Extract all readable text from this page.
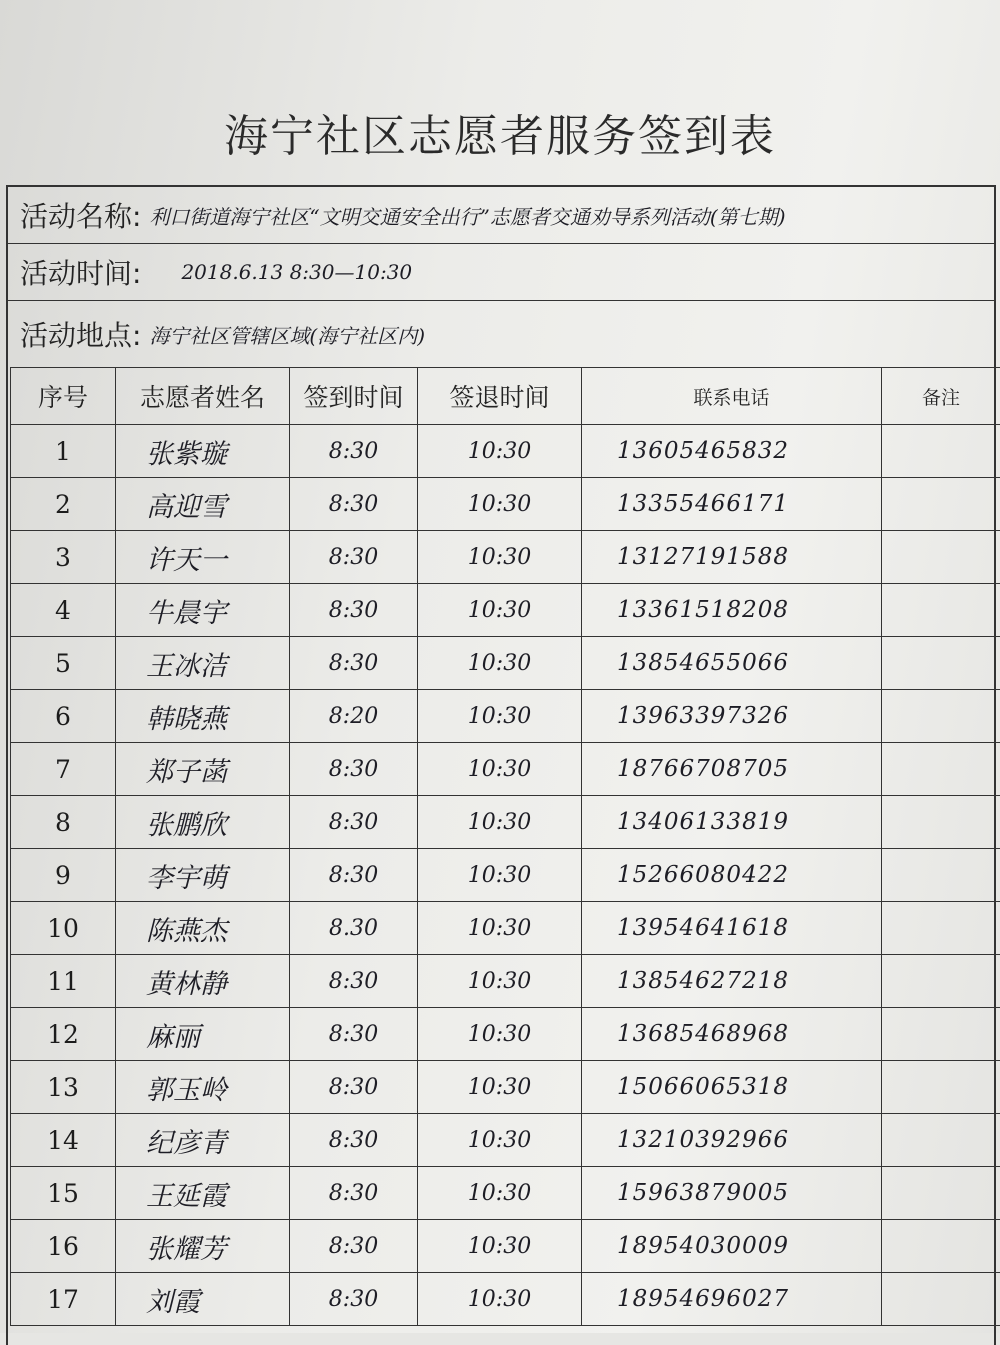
海宁社区志愿者服务签到表
活动名称: 利口街道海宁社区“文明交通安全出行”志愿者交通劝导系列活动(第七期)
活动时间: 2018.6.13 8:30—10:30
活动地点: 海宁社区管辖区域(海宁社区内)
序号	志愿者姓名	签到时间	签退时间	联系电话	备注
1	张紫璇	8:30	10:30	13605465832	
2	高迎雪	8:30	10:30	13355466171	
3	许天一	8:30	10:30	13127191588	
4	牛晨宇	8:30	10:30	13361518208	
5	王冰洁	8:30	10:30	13854655066	
6	韩晓燕	8:20	10:30	13963397326	
7	郑子菡	8:30	10:30	18766708705	
8	张鹏欣	8:30	10:30	13406133819	
9	李宇萌	8:30	10:30	15266080422	
10	陈燕杰	8.30	10:30	13954641618	
11	黄林静	8:30	10:30	13854627218	
12	麻丽	8:30	10:30	13685468968	
13	郭玉岭	8:30	10:30	15066065318	
14	纪彦青	8:30	10:30	13210392966	
15	王延霞	8:30	10:30	15963879005	
16	张耀芳	8:30	10:30	18954030009	
17	刘霞	8:30	10:30	18954696027	
